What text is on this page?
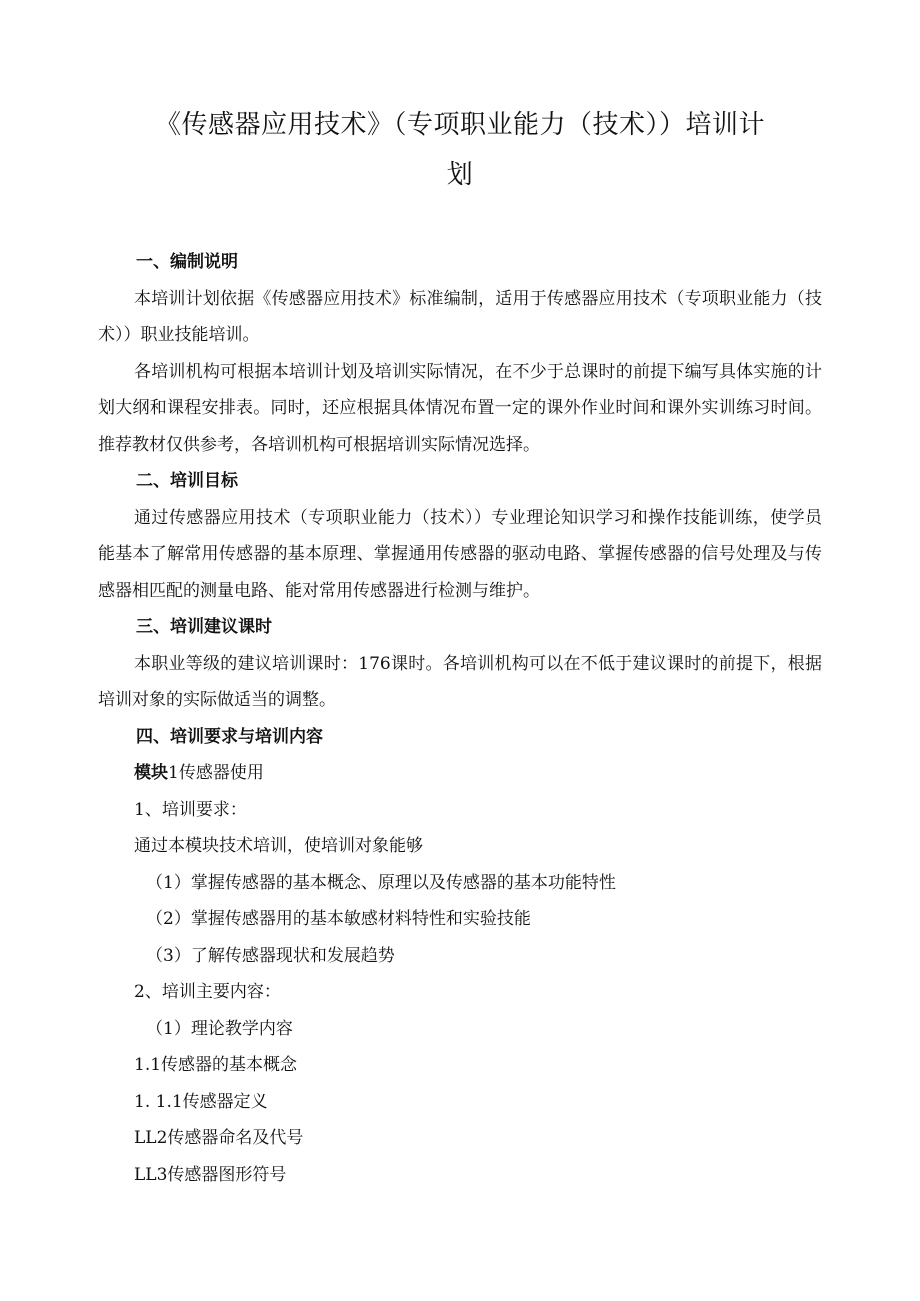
《传感器应用技术》（专项职业能力（技术））培训计
划

一、编制说明

本培训计划依据《传感器应用技术》标准编制，适用于传感器应用技术（专项职业能力（技术））职业技能培训。

各培训机构可根据本培训计划及培训实际情况，在不少于总课时的前提下编写具体实施的计划大纲和课程安排表。同时，还应根据具体情况布置一定的课外作业时间和课外实训练习时间。推荐教材仅供参考，各培训机构可根据培训实际情况选择。

二、培训目标

通过传感器应用技术（专项职业能力（技术））专业理论知识学习和操作技能训练，使学员能基本了解常用传感器的基本原理、掌握通用传感器的驱动电路、掌握传感器的信号处理及与传感器相匹配的测量电路、能对常用传感器进行检测与维护。

三、培训建议课时

本职业等级的建议培训课时：176课时。各培训机构可以在不低于建议课时的前提下，根据培训对象的实际做适当的调整。

四、培训要求与培训内容

模块1传感器使用

1、培训要求：

通过本模块技术培训，使培训对象能够

（1）掌握传感器的基本概念、原理以及传感器的基本功能特性

（2）掌握传感器用的基本敏感材料特性和实验技能

（3）了解传感器现状和发展趋势

2、培训主要内容：

（1）理论教学内容

1.1传感器的基本概念

1. 1.1传感器定义

LL2传感器命名及代号

LL3传感器图形符号
